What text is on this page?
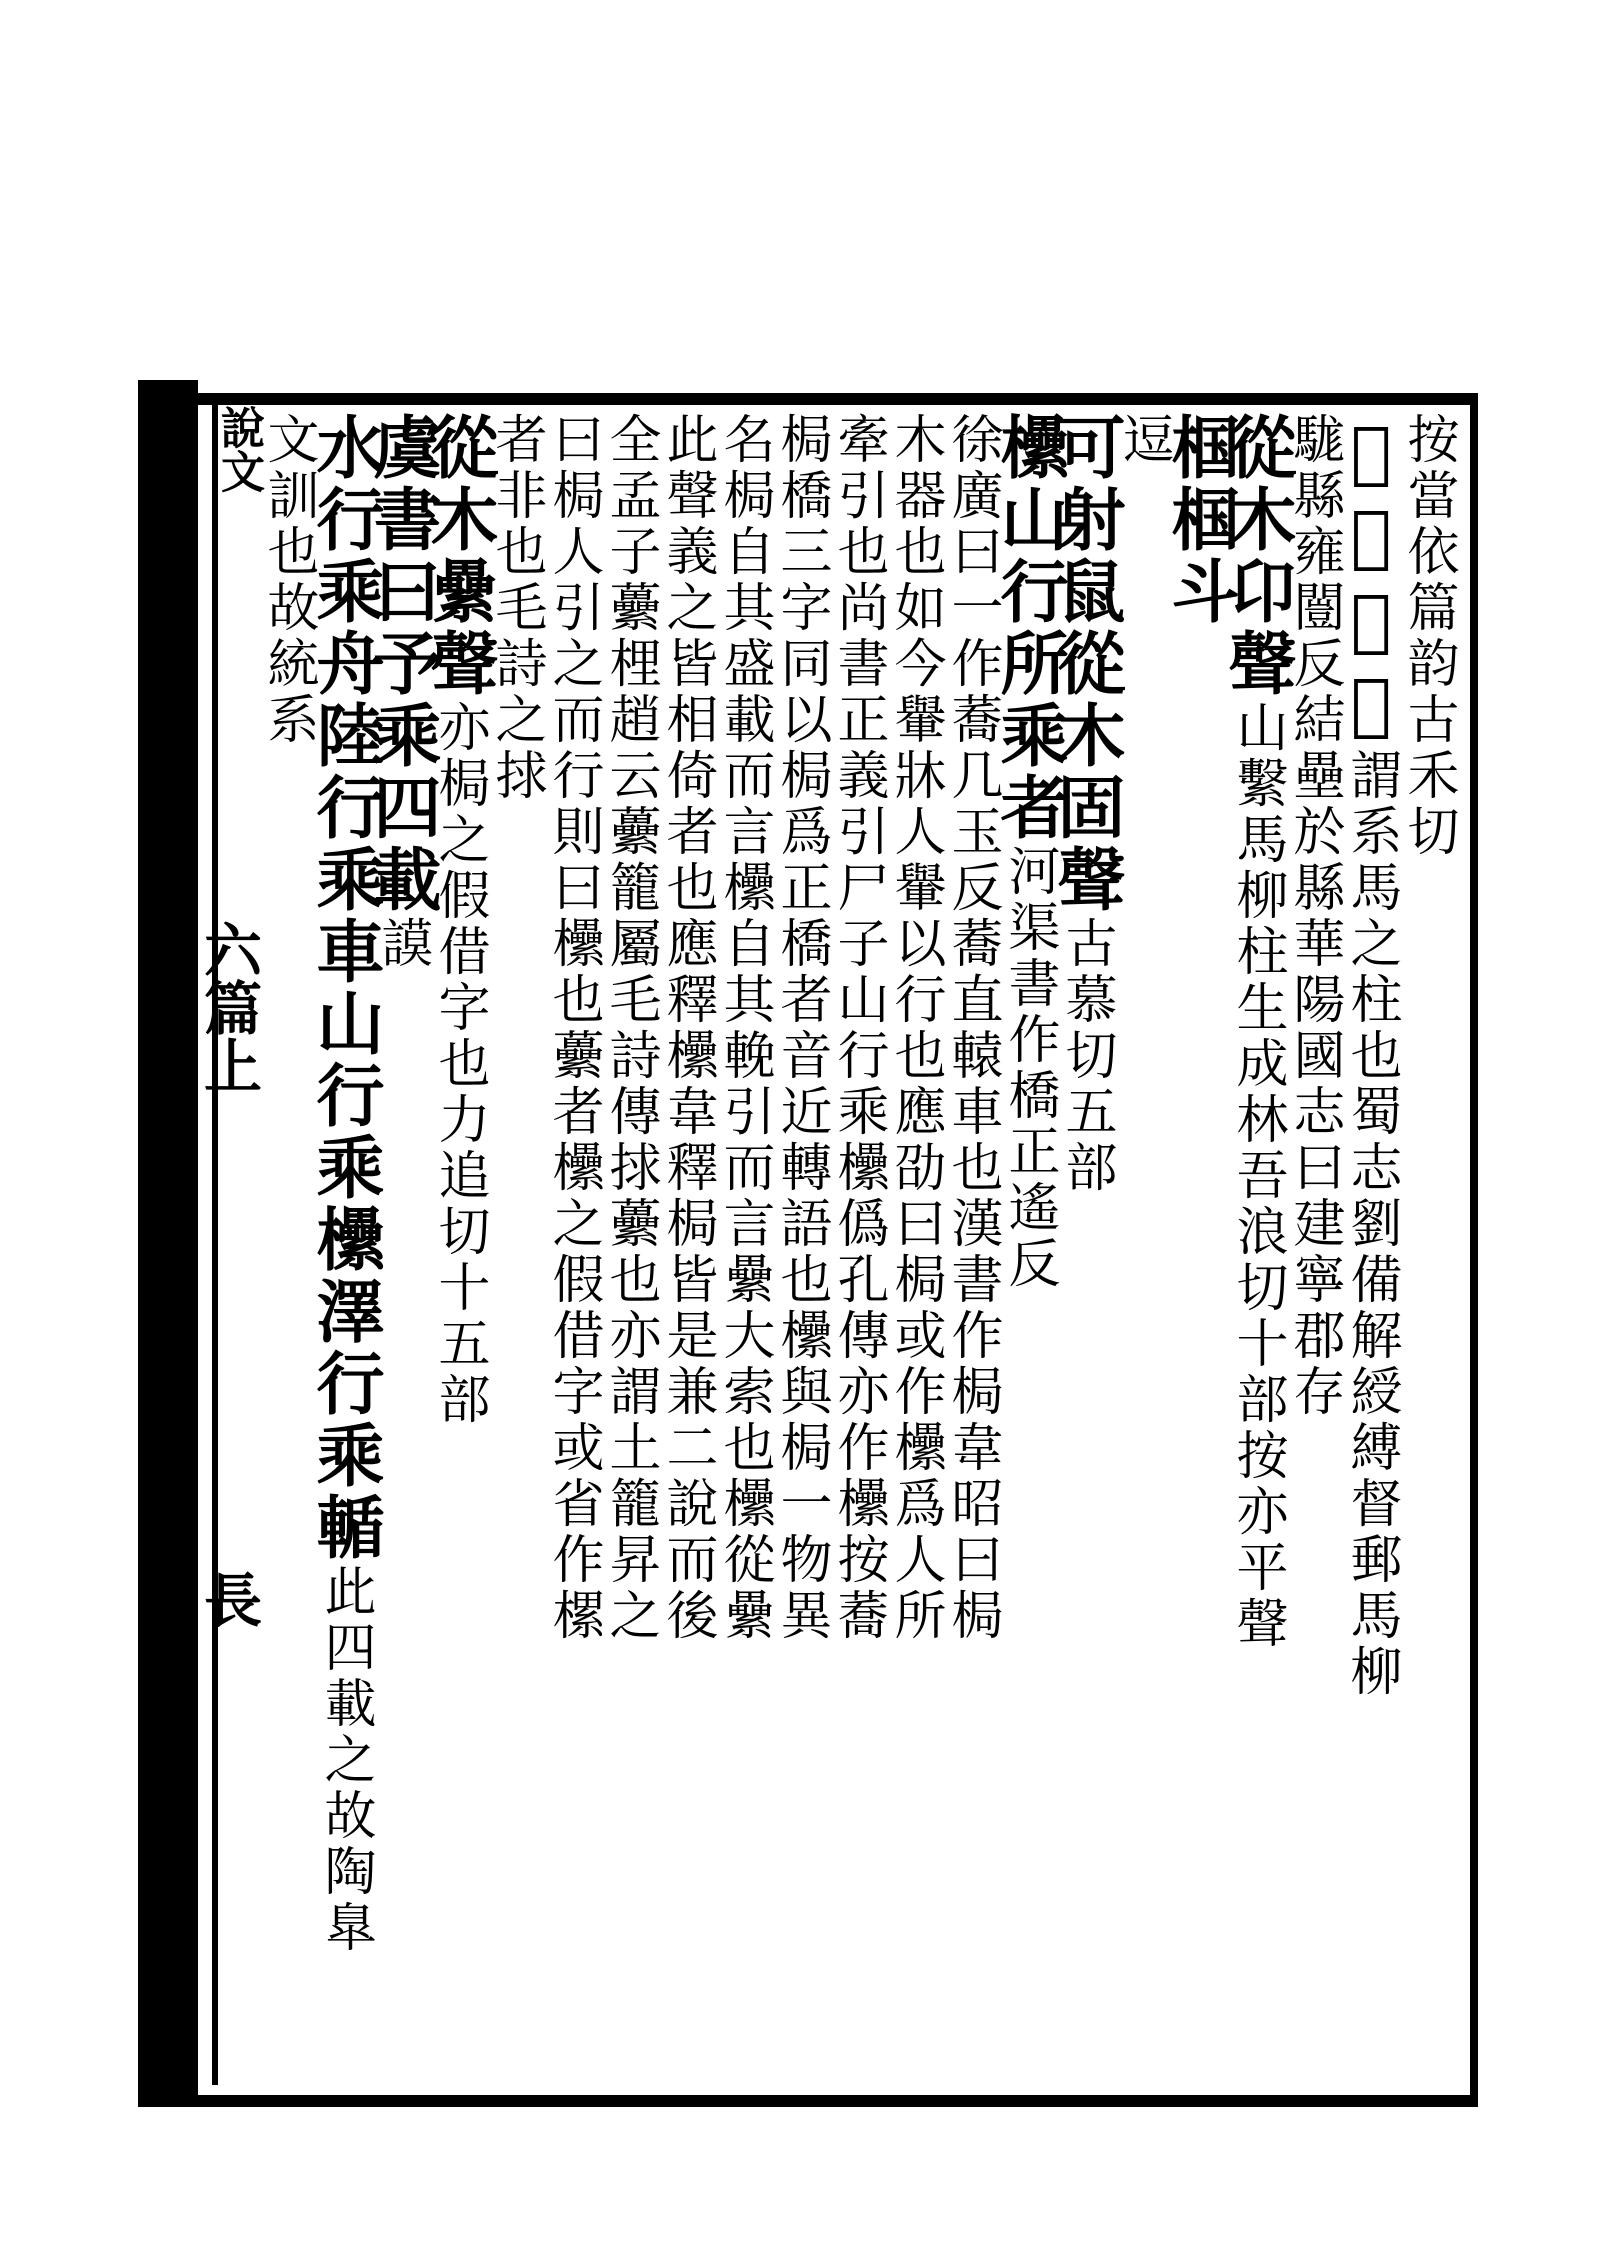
說文
六篇上
長
按當依篇韵古禾切
𣏮馬柱也謂系馬之柱也蜀志劉備解綬縛督郵馬柳
駹縣雍闓反結壘於縣華陽國志曰建寧郡存
從木卬聲山繫馬柳柱生成林吾浪切十部按亦平聲
椢椢斗
逗
可射鼠從木固聲古慕切五部
欙山行所乘者河渠書作橋正遙反
徐廣曰一作蕎几玉反蕎直轅車也漢書作梮韋昭曰梮
木器也如今轝牀人轝以行也應劭曰梮或作欙爲人所
牽引也尚書正義引尸子山行乘欙僞孔傳亦作欙按蕎
梮橋三字同以梮爲正橋者音近轉語也欙與梮一物異
名梮自其盛載而言欙自其輓引而言纍大索也欙從纍
此聲義之皆相倚者也應釋欙韋釋梮皆是兼二說而後
全孟子虆梩趙云虆籠屬毛詩傳捄虆也亦謂土籠昇之
曰梮人引之而行則曰欙也虆者欙之假借字或省作樏
者非也毛詩之捄
從木纍聲亦梮之假借字也力追切十五部
虞書曰予乘四載謨
水行乘舟陸行乘車山行乘欙澤行乘輴此四載之故陶臯
文訓也故統系
